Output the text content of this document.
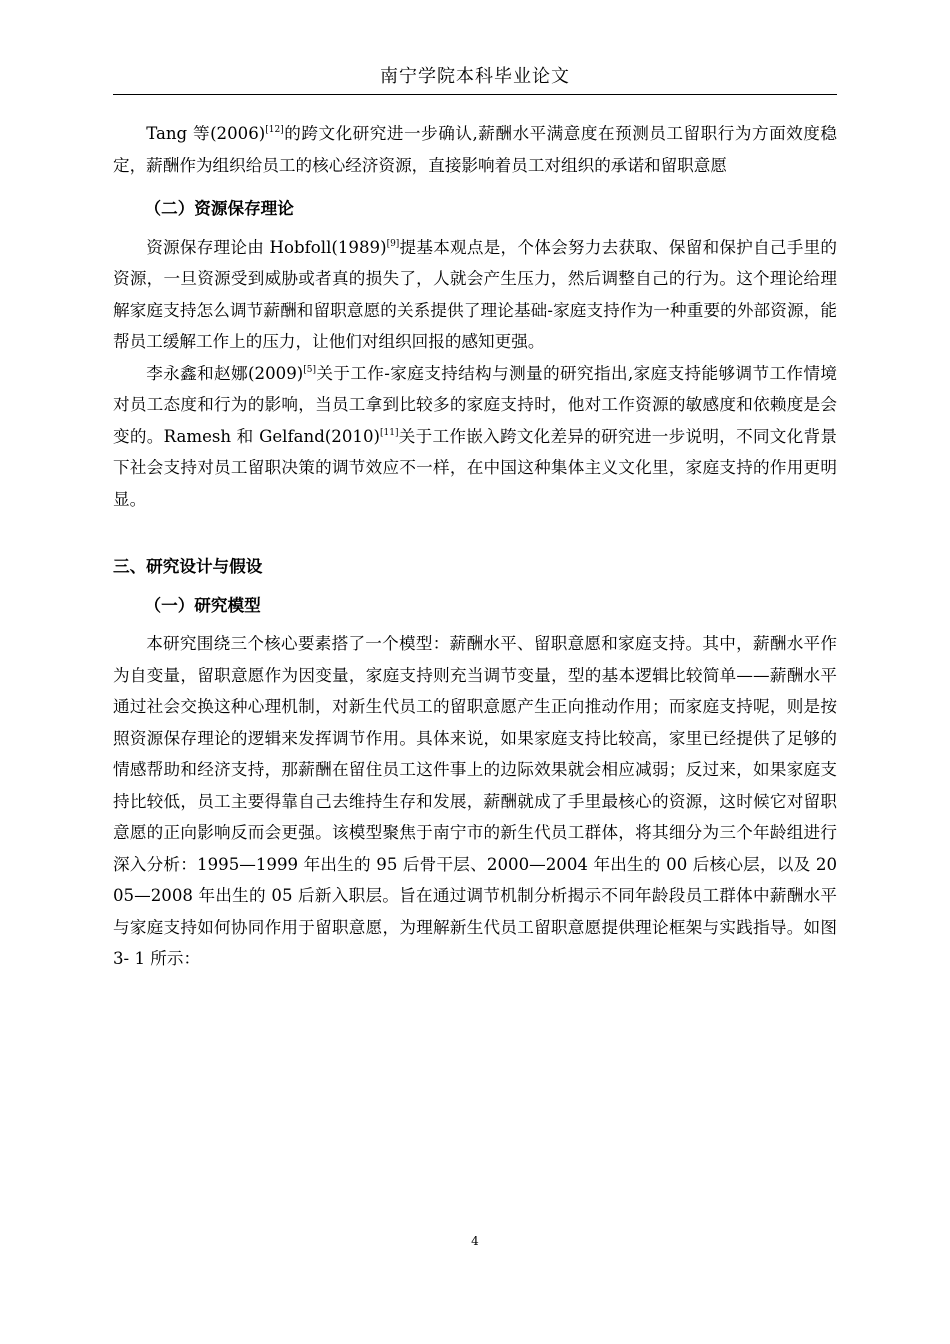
南宁学院本科毕业论文

Tang 等(2006)[12]的跨文化研究进一步确认,薪酬水平满意度在预测员工留职行为方面效度稳定，薪酬作为组织给员工的核心经济资源，直接影响着员工对组织的承诺和留职意愿

（二）资源保存理论

资源保存理论由 Hobfoll(1989)[9]提基本观点是，个体会努力去获取、保留和保护自己手里的资源，一旦资源受到威胁或者真的损失了，人就会产生压力，然后调整自己的行为。这个理论给理解家庭支持怎么调节薪酬和留职意愿的关系提供了理论基础-家庭支持作为一种重要的外部资源，能帮员工缓解工作上的压力，让他们对组织回报的感知更强。

李永鑫和赵娜(2009)[5]关于工作-家庭支持结构与测量的研究指出,家庭支持能够调节工作情境对员工态度和行为的影响，当员工拿到比较多的家庭支持时，他对工作资源的敏感度和依赖度是会变的。Ramesh 和 Gelfand(2010)[11]关于工作嵌入跨文化差异的研究进一步说明，不同文化背景下社会支持对员工留职决策的调节效应不一样，在中国这种集体主义文化里，家庭支持的作用更明显。

三、研究设计与假设

（一）研究模型

本研究围绕三个核心要素搭了一个模型：薪酬水平、留职意愿和家庭支持。其中，薪酬水平作为自变量，留职意愿作为因变量，家庭支持则充当调节变量，型的基本逻辑比较简单——薪酬水平通过社会交换这种心理机制，对新生代员工的留职意愿产生正向推动作用；而家庭支持呢，则是按照资源保存理论的逻辑来发挥调节作用。具体来说，如果家庭支持比较高，家里已经提供了足够的情感帮助和经济支持，那薪酬在留住员工这件事上的边际效果就会相应减弱；反过来，如果家庭支持比较低，员工主要得靠自己去维持生存和发展，薪酬就成了手里最核心的资源，这时候它对留职意愿的正向影响反而会更强。该模型聚焦于南宁市的新生代员工群体，将其细分为三个年龄组进行深入分析：1995—1999 年出生的 95 后骨干层、2000—2004 年出生的 00 后核心层，以及 2005—2008 年出生的 05 后新入职层。旨在通过调节机制分析揭示不同年龄段员工群体中薪酬水平与家庭支持如何协同作用于留职意愿，为理解新生代员工留职意愿提供理论框架与实践指导。如图 3- 1 所示：

4
